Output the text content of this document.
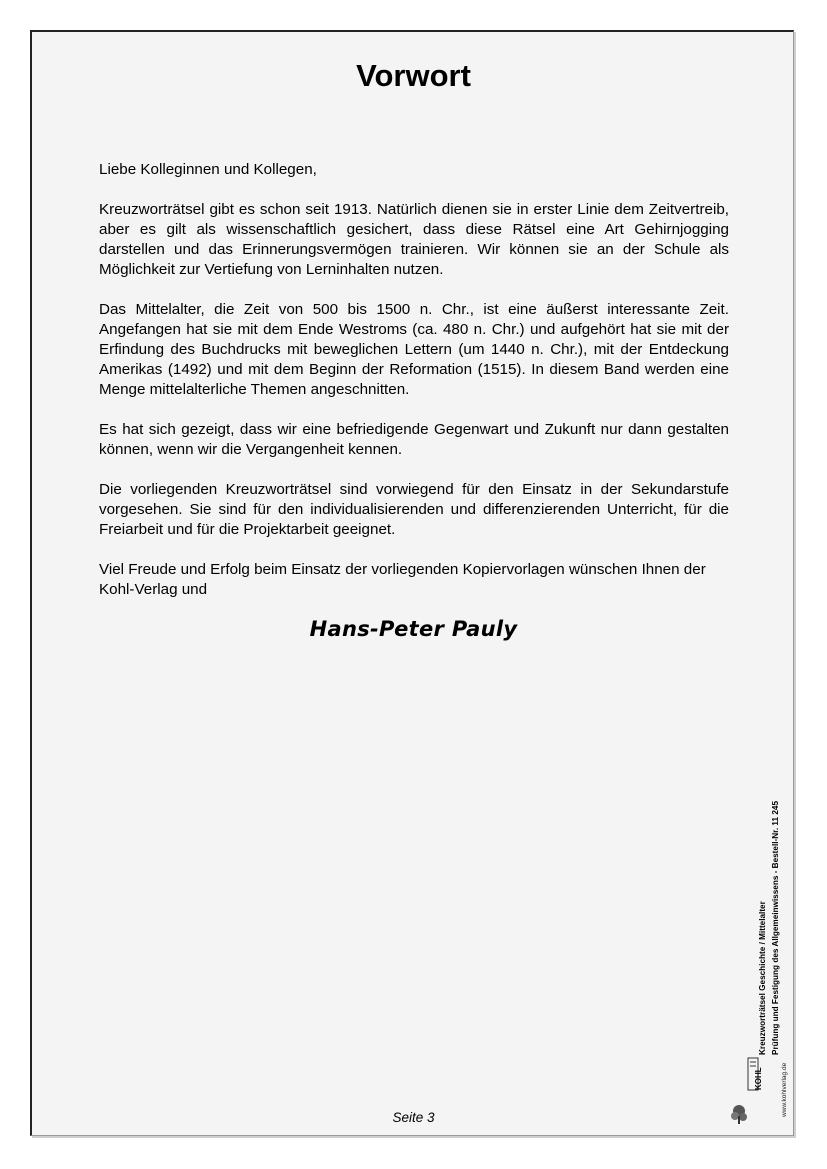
Vorwort

Liebe Kolleginnen und Kollegen,

Kreuzworträtsel gibt es schon seit 1913. Natürlich dienen sie in erster Linie dem Zeitvertreib, aber es gilt als wissenschaftlich gesichert, dass diese Rätsel eine Art Gehirnjogging darstellen und das Erinnerungsvermögen trainieren. Wir können sie an der Schule als Möglichkeit zur Vertiefung von Lerninhalten nutzen.

Das Mittelalter, die Zeit von 500 bis 1500 n. Chr., ist eine äußerst interessante Zeit. Angefangen hat sie mit dem Ende Westroms (ca. 480 n. Chr.) und aufgehört hat sie mit der Erfindung des Buchdrucks mit beweglichen Lettern (um 1440 n. Chr.), mit der Entdeckung Amerikas (1492) und mit dem Beginn der Reformation (1515). In diesem Band werden eine Menge mittelalterliche Themen angeschnitten.

Es hat sich gezeigt, dass wir eine befriedigende Gegenwart und Zukunft nur dann gestalten können, wenn wir die Vergangenheit kennen.

Die vorliegenden Kreuzworträtsel sind vorwiegend für den Einsatz in der Sekundarstufe vorgesehen. Sie sind für den individualisierenden und differenzierenden Unterricht, für die Freiarbeit und für die Projektarbeit geeignet.

Viel Freude und Erfolg beim Einsatz der vorliegenden Kopiervorlagen wünschen Ihnen der Kohl-Verlag und

Hans-Peter Pauly
Kreuzworträtsel Geschichte / Mittelalter Prüfung und Festigung des Allgemeinwissens - Bestell-Nr. 11 245
KOHL	www.kohlverlag.de
Seite 3
